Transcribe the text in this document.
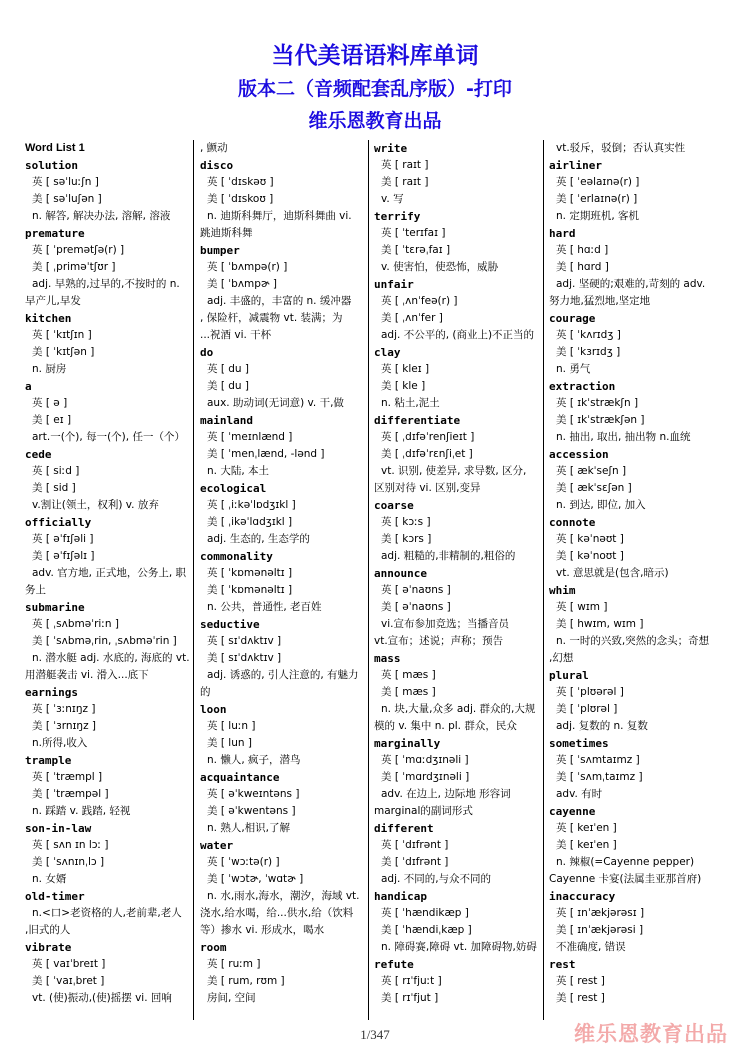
当代美语语料库单词
版本二（音频配套乱序版）-打印
维乐恩教育出品
Word List 1
solution
英 [ səˈluːʃn ]
美 [ səˈluʃən ]
n. 解答, 解决办法, 溶解, 溶液
premature
英 [ ˈpremətʃə(r) ]
美 [ ˌpriməˈtʃʊr ]
adj. 早熟的,过早的,不按时的 n.
早产儿,早发
kitchen
英 [ ˈkɪtʃɪn ]
美 [ ˈkɪtʃən ]
n. 厨房
a
英 [ ə ]
美 [ eɪ ]
art.一(个), 每一(个), 任一（个）
cede
英 [ siːd ]
美 [ sid ]
v.割让(领土，权利) v. 放弃
officially
英 [ əˈfɪʃəli ]
美 [ əˈfɪʃəlɪ ]
adv. 官方地, 正式地，公务上, 职
务上
submarine
英 [ ˌsʌbməˈriːn ]
美 [ ˈsʌbməˌrin, ˌsʌbməˈrin ]
n. 潜水艇 adj. 水底的, 海底的 vt.
用潜艇袭击 vi. 滑入...底下
earnings
英 [ ˈɜːnɪŋz ]
美 [ ˈɜrnɪŋz ]
n.所得,收入
trample
英 [ ˈtræmpl ]
美 [ ˈtræmpəl ]
n. 踩踏 v. 践踏, 轻视
son-in-law
英 [ sʌn ɪn lɔː ]
美 [ ˈsʌnɪnˌlɔ ]
n. 女婿
old-timer
n.<口>老资格的人,老前辈,老人
,旧式的人
vibrate
英 [ vaɪˈbreɪt ]
美 [ ˈvaɪˌbret ]
vt. (使)振动,(使)摇摆 vi. 回响
, 颤动
disco
英 [ ˈdɪskəʊ ]
美 [ ˈdɪskoʊ ]
n. 迪斯科舞厅，迪斯科舞曲 vi.
跳迪斯科舞
bumper
英 [ ˈbʌmpə(r) ]
美 [ ˈbʌmpɚ ]
adj. 丰盛的，丰富的 n. 缓冲器
, 保险杆，减震物 vt. 装满；为
...祝酒 vi. 干杯
do
英 [ du ]
美 [ du ]
aux. 助动词(无词意) v. 干,做
mainland
英 [ ˈmeɪnlænd ]
美 [ ˈmenˌlænd, -lənd ]
n. 大陆, 本土
ecological
英 [ ˌiːkəˈlɒdʒɪkl ]
美 [ ˌikəˈlɑdʒɪkl ]
adj. 生态的, 生态学的
commonality
英 [ ˈkɒmənəltɪ ]
美 [ ˈkɒmənəltɪ ]
n. 公共，普通性, 老百姓
seductive
英 [ sɪˈdʌktɪv ]
美 [ sɪˈdʌktɪv ]
adj. 诱惑的, 引人注意的, 有魅力
的
loon
英 [ luːn ]
美 [ lun ]
n. 懒人, 疯子，潜鸟
acquaintance
英 [ əˈkweɪntəns ]
美 [ əˈkwentəns ]
n. 熟人,相识,了解
water
英 [ ˈwɔːtə(r) ]
美 [ ˈwɔtɚ, ˈwɑtɚ ]
n. 水,雨水,海水，潮汐，海域 vt.
浇水,给水喝，给...供水,给（饮料
等）掺水 vi. 形成水，喝水
room
英 [ ruːm ]
美 [ rum, rʊm ]
房间, 空间
write
英 [ raɪt ]
美 [ raɪt ]
v. 写
terrify
英 [ ˈterɪfaɪ ]
美 [ ˈtɛrəˌfaɪ ]
v. 使害怕，使恐怖，威胁
unfair
英 [ ˌʌnˈfeə(r) ]
美 [ ˌʌnˈfer ]
adj. 不公平的, (商业上)不正当的
clay
英 [ kleɪ ]
美 [ kle ]
n. 粘土,泥土
differentiate
英 [ ˌdɪfəˈrenʃieɪt ]
美 [ ˌdɪfəˈrɛnʃiˌet ]
vt. 识别, 使差异, 求导数, 区分,
区别对待 vi. 区别,变异
coarse
英 [ kɔːs ]
美 [ kɔrs ]
adj. 粗糙的,非精制的,粗俗的
announce
英 [ əˈnaʊns ]
美 [ əˈnaʊns ]
vi.宣布参加竞选；当播音员
vt.宣布；述说；声称；预告
mass
英 [ mæs ]
美 [ mæs ]
n. 块,大量,众多 adj. 群众的,大规
模的 v. 集中 n. pl. 群众，民众
marginally
英 [ ˈmɑːdʒɪnəli ]
美 [ ˈmɑrdʒɪnəli ]
adv. 在边上, 边际地 形容词
marginal的副词形式
different
英 [ ˈdɪfrənt ]
美 [ ˈdɪfrənt ]
adj. 不同的,与众不同的
handicap
英 [ ˈhændikæp ]
美 [ ˈhændiˌkæp ]
n. 障碍赛,障碍 vt. 加障碍物,妨碍
refute
英 [ rɪˈfjuːt ]
美 [ rɪˈfjut ]
vt.驳斥，驳倒；否认真实性
airliner
英 [ ˈeəlaɪnə(r) ]
美 [ ˈerlaɪnə(r) ]
n. 定期班机, 客机
hard
英 [ hɑːd ]
美 [ hɑrd ]
adj. 坚硬的;艰难的,苛刻的 adv.
努力地,猛烈地,坚定地
courage
英 [ ˈkʌrɪdʒ ]
美 [ ˈkɜrɪdʒ ]
n. 勇气
extraction
英 [ ɪkˈstrækʃn ]
美 [ ɪkˈstrækʃən ]
n. 抽出, 取出, 抽出物 n.血统
accession
英 [ ækˈseʃn ]
美 [ ækˈsɛʃən ]
n. 到达, 即位, 加入
connote
英 [ kəˈnəʊt ]
美 [ kəˈnoʊt ]
vt. 意思就是(包含,暗示)
whim
英 [ wɪm ]
美 [ hwɪm, wɪm ]
n. 一时的兴致,突然的念头；奇想
,幻想
plural
英 [ ˈplʊərəl ]
美 [ ˈplʊrəl ]
adj. 复数的 n. 复数
sometimes
英 [ ˈsʌmtaɪmz ]
美 [ ˈsʌmˌtaɪmz ]
adv. 有时
cayenne
英 [ keɪˈen ]
美 [ keɪˈen ]
n. 辣椒(=Cayenne pepper)
Cayenne 卡宴(法属圭亚那首府)
inaccuracy
英 [ ɪnˈækjərəsɪ ]
美 [ ɪnˈækjərəsi ]
不准确度, 错误
rest
英 [ rest ]
美 [ rest ]
1/347	维乐恩教育出品
